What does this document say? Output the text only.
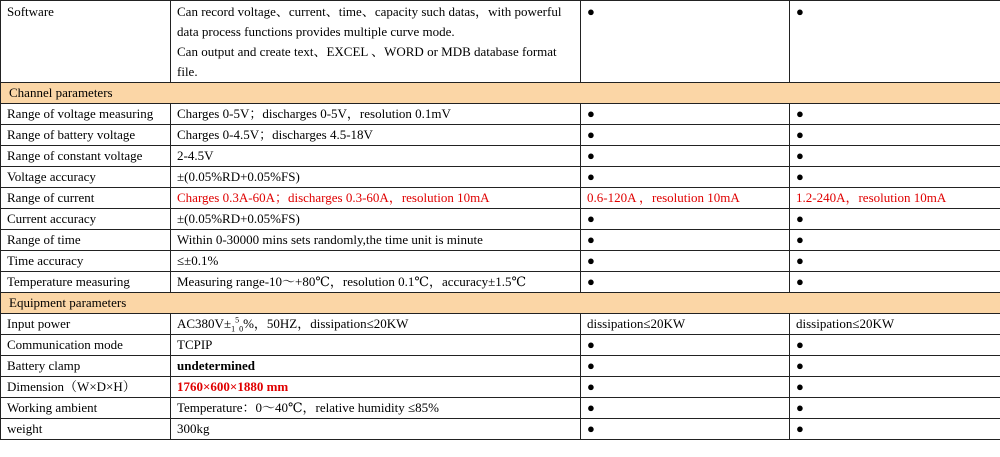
Software	Can record voltage、current、time、capacity such datas，with powerful data process functions provides multiple curve mode.
Can output and create text、EXCEL 、WORD or MDB database format file.	●	●
Channel parameters			
Range of voltage measuring	Charges 0-5V；discharges 0-5V，resolution 0.1mV	●	●
Range of battery voltage	Charges 0-4.5V；discharges 4.5-18V	●	●
Range of constant voltage	2-4.5V	●	●
Voltage accuracy	±(0.05%RD+0.05%FS)	●	●
Range of current	Charges 0.3A-60A；discharges 0.3-60A，resolution 10mA	0.6-120A ，resolution 10mA	1.2-240A，resolution 10mA
Current accuracy	±(0.05%RD+0.05%FS)	●	●
Range of time	Within 0-30000 mins sets randomly,the time unit is minute	●	●
Time accuracy	≤±0.1%	●	●
Temperature measuring	Measuring range-10～+80℃，resolution 0.1℃，accuracy±1.5℃	●	●
Equipment parameters			
Input power	$AC380V\pm_1^5_0\%$，50HZ，dissipation≤20KW	dissipation≤20KW	dissipation≤20KW
Communication mode	TCPIP	●	●
Battery clamp	undetermined	●	●
Dimension（W×D×H）	1760×600×1880 mm	●	●
Working ambient	Temperature：0～40℃，relative humidity ≤85%	●	●
weight	300kg	●	●
